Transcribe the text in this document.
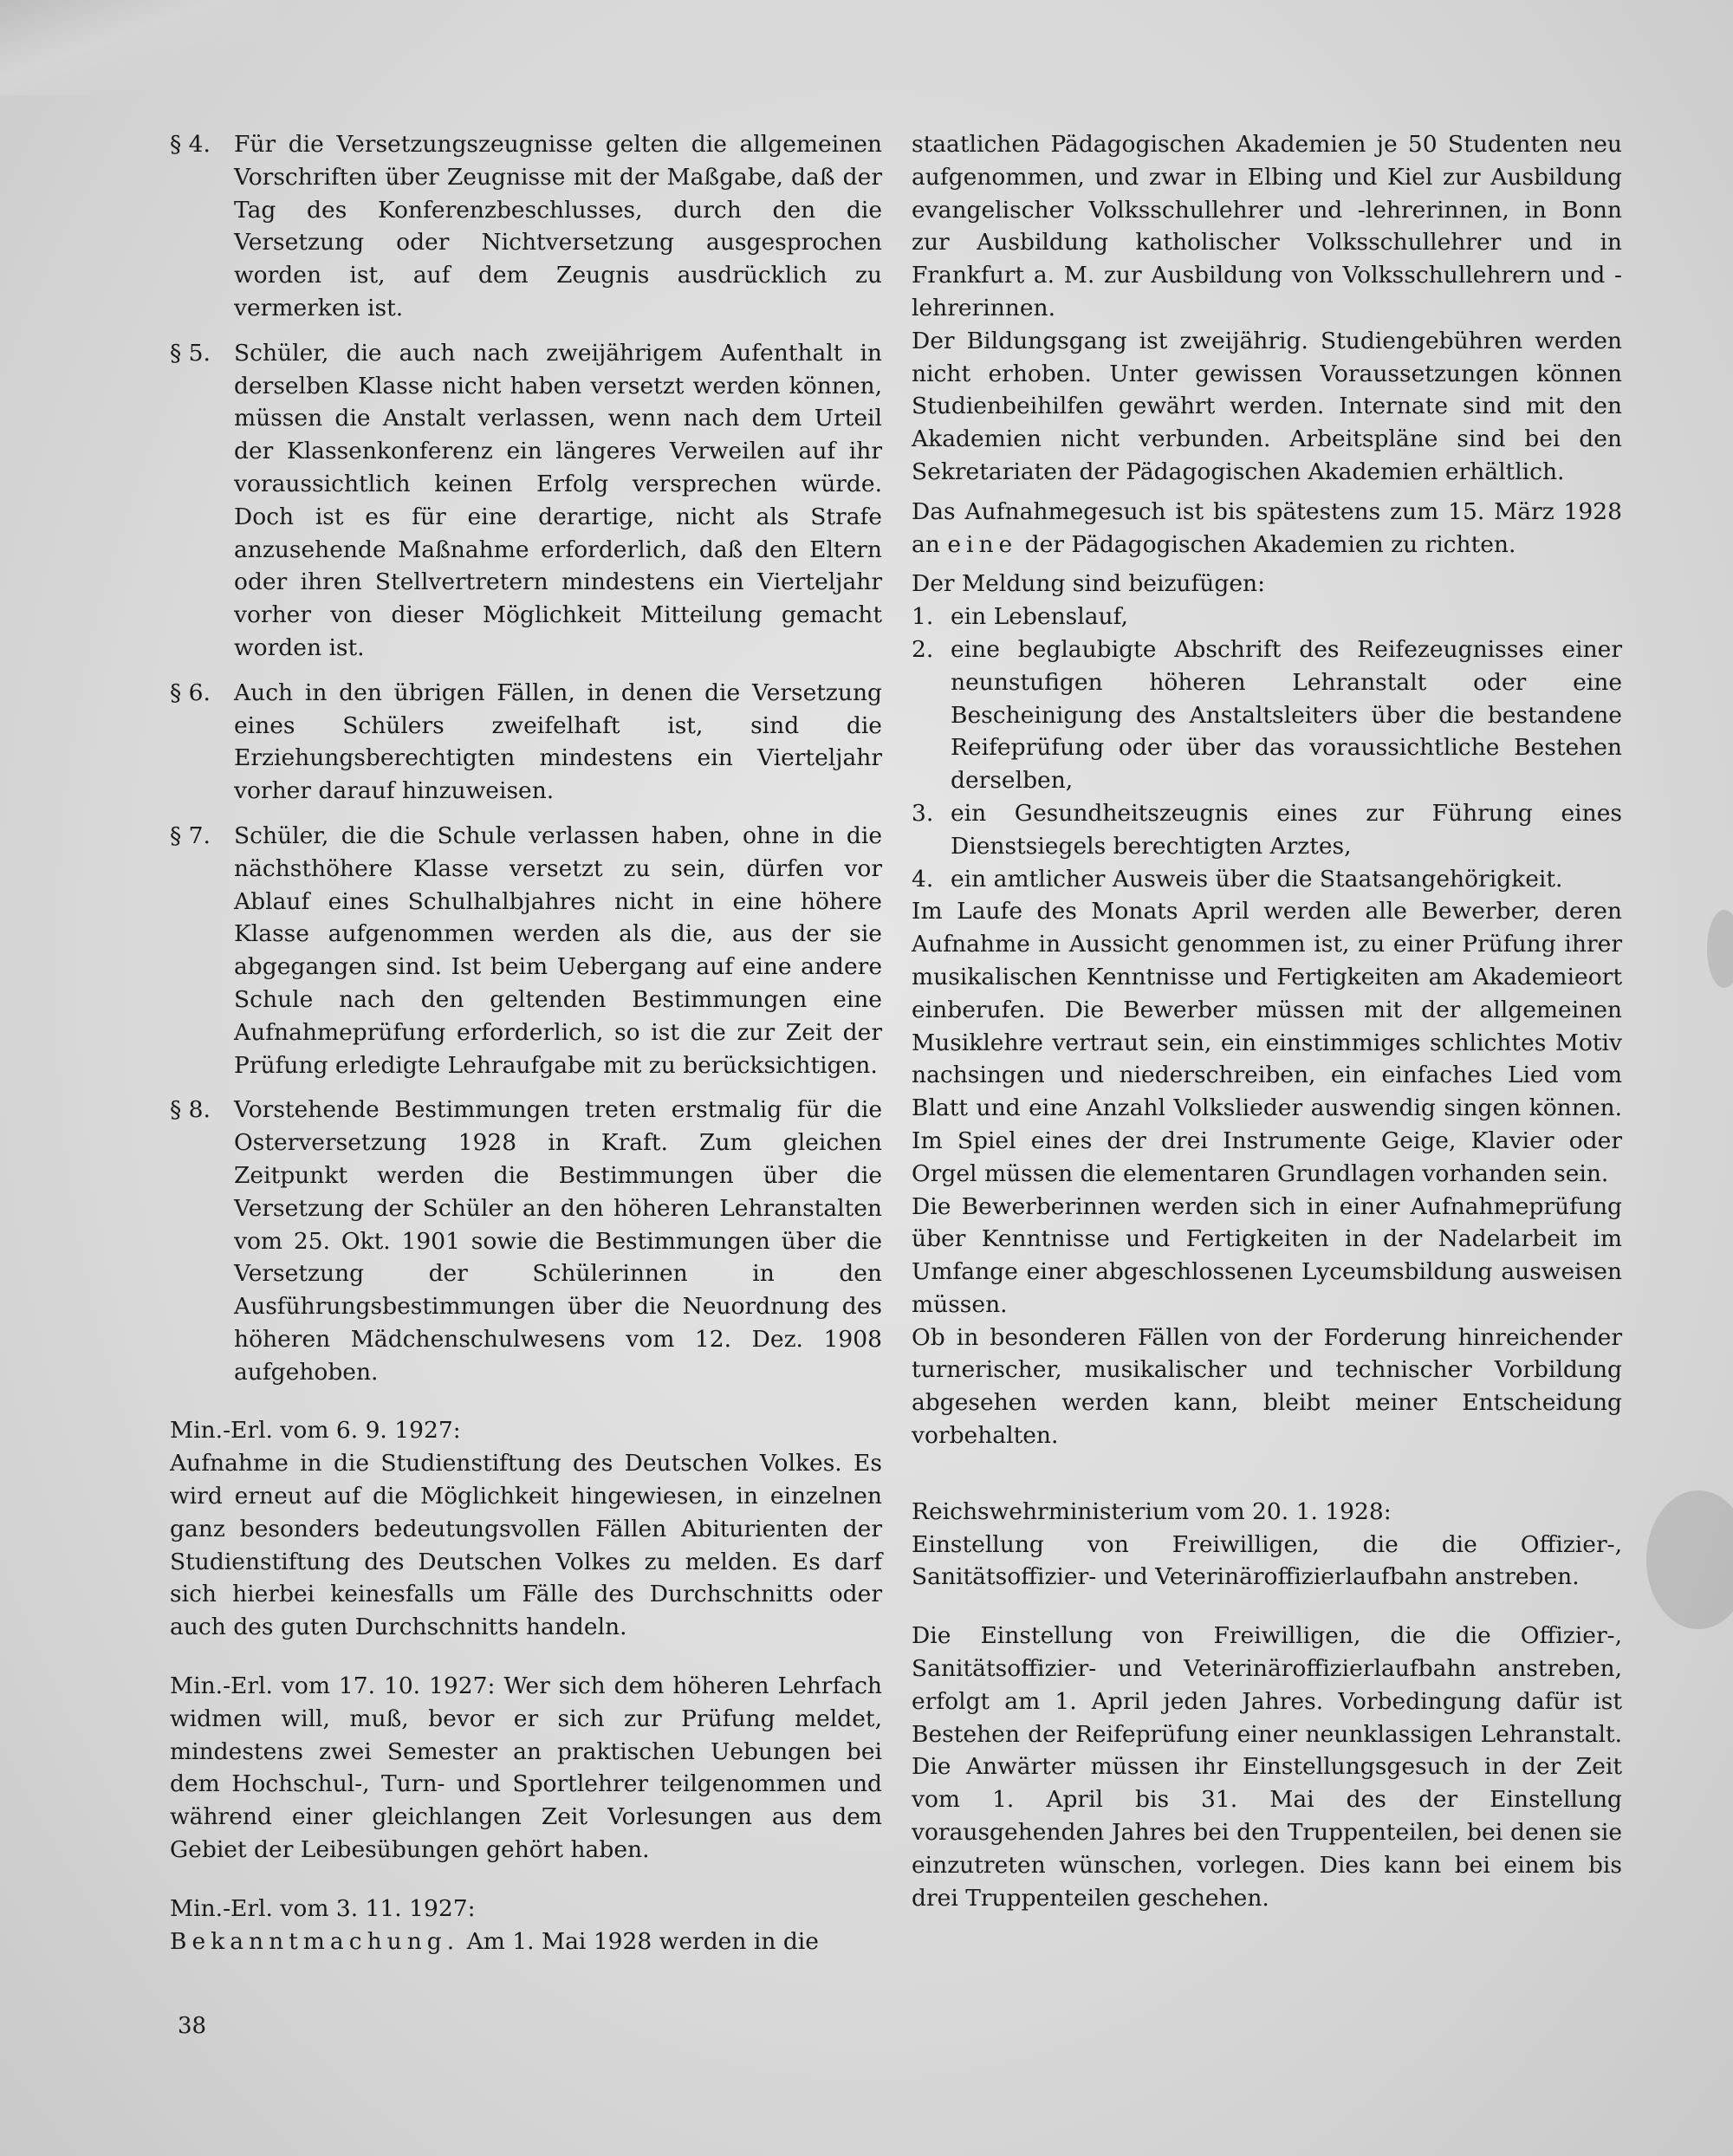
§ 4. Für die Versetzungszeugnisse gelten die allgemeinen Vorschriften über Zeugnisse mit der Maßgabe, daß der Tag des Konferenzbeschlusses, durch den die Versetzung oder Nichtversetzung ausgesprochen worden ist, auf dem Zeugnis ausdrücklich zu vermerken ist.
§ 5. Schüler, die auch nach zweijährigem Aufenthalt in derselben Klasse nicht haben versetzt werden können, müssen die Anstalt verlassen, wenn nach dem Urteil der Klassenkonferenz ein längeres Verweilen auf ihr voraussichtlich keinen Erfolg versprechen würde. Doch ist es für eine derartige, nicht als Strafe anzusehende Maßnahme erforderlich, daß den Eltern oder ihren Stellvertretern mindestens ein Vierteljahr vorher von dieser Möglichkeit Mitteilung gemacht worden ist.
§ 6. Auch in den übrigen Fällen, in denen die Versetzung eines Schülers zweifelhaft ist, sind die Erziehungsberechtigten mindestens ein Vierteljahr vorher darauf hinzuweisen.
§ 7. Schüler, die die Schule verlassen haben, ohne in die nächsthöhere Klasse versetzt zu sein, dürfen vor Ablauf eines Schulhalbjahres nicht in eine höhere Klasse aufgenommen werden als die, aus der sie abgegangen sind. Ist beim Uebergang auf eine andere Schule nach den geltenden Bestimmungen eine Aufnahmeprüfung erforderlich, so ist die zur Zeit der Prüfung erledigte Lehraufgabe mit zu berücksichtigen.
§ 8. Vorstehende Bestimmungen treten erstmalig für die Osterversetzung 1928 in Kraft. Zum gleichen Zeitpunkt werden die Bestimmungen über die Versetzung der Schüler an den höheren Lehranstalten vom 25. Okt. 1901 sowie die Bestimmungen über die Versetzung der Schülerinnen in den Ausführungsbestimmungen über die Neuordnung des höheren Mädchenschulwesens vom 12. Dez. 1908 aufgehoben.
Min.-Erl. vom 6. 9. 1927:
Aufnahme in die Studienstiftung des Deutschen Volkes. Es wird erneut auf die Möglichkeit hingewiesen, in einzelnen ganz besonders bedeutungsvollen Fällen Abiturienten der Studienstiftung des Deutschen Volkes zu melden. Es darf sich hierbei keinesfalls um Fälle des Durchschnitts oder auch des guten Durchschnitts handeln.
Min.-Erl. vom 17. 10. 1927: Wer sich dem höheren Lehrfach widmen will, muß, bevor er sich zur Prüfung meldet, mindestens zwei Semester an praktischen Uebungen bei dem Hochschul-, Turn- und Sportlehrer teilgenommen und während einer gleichlangen Zeit Vorlesungen aus dem Gebiet der Leibesübungen gehört haben.
Min.-Erl. vom 3. 11. 1927:
Bekanntmachung. Am 1. Mai 1928 werden in die
staatlichen Pädagogischen Akademien je 50 Studenten neu aufgenommen, und zwar in Elbing und Kiel zur Ausbildung evangelischer Volksschullehrer und -lehrerinnen, in Bonn zur Ausbildung katholischer Volksschullehrer und in Frankfurt a. M. zur Ausbildung von Volksschullehrern und -lehrerinnen.
Der Bildungsgang ist zweijährig. Studiengebühren werden nicht erhoben. Unter gewissen Voraussetzungen können Studienbeihilfen gewährt werden. Internate sind mit den Akademien nicht verbunden. Arbeitspläne sind bei den Sekretariaten der Pädagogischen Akademien erhältlich.
Das Aufnahmegesuch ist bis spätestens zum 15. März 1928 an eine der Pädagogischen Akademien zu richten.
Der Meldung sind beizufügen:
1. ein Lebenslauf,
2. eine beglaubigte Abschrift des Reifezeugnisses einer neunstufigen höheren Lehranstalt oder eine Bescheinigung des Anstaltsleiters über die bestandene Reifeprüfung oder über das voraussichtliche Bestehen derselben,
3. ein Gesundheitszeugnis eines zur Führung eines Dienstsiegels berechtigten Arztes,
4. ein amtlicher Ausweis über die Staatsangehörigkeit.
Im Laufe des Monats April werden alle Bewerber, deren Aufnahme in Aussicht genommen ist, zu einer Prüfung ihrer musikalischen Kenntnisse und Fertigkeiten am Akademieort einberufen. Die Bewerber müssen mit der allgemeinen Musiklehre vertraut sein, ein einstimmiges schlichtes Motiv nachsingen und niederschreiben, ein einfaches Lied vom Blatt und eine Anzahl Volkslieder auswendig singen können. Im Spiel eines der drei Instrumente Geige, Klavier oder Orgel müssen die elementaren Grundlagen vorhanden sein.
Die Bewerberinnen werden sich in einer Aufnahmeprüfung über Kenntnisse und Fertigkeiten in der Nadelarbeit im Umfange einer abgeschlossenen Lyceumsbildung ausweisen müssen.
Ob in besonderen Fällen von der Forderung hinreichender turnerischer, musikalischer und technischer Vorbildung abgesehen werden kann, bleibt meiner Entscheidung vorbehalten.
Reichswehrministerium vom 20. 1. 1928:
Einstellung von Freiwilligen, die die Offizier-, Sanitätsoffizier- und Veterinäroffizierlaufbahn anstreben.
Die Einstellung von Freiwilligen, die die Offizier-, Sanitätsoffizier- und Veterinäroffizierlaufbahn anstreben, erfolgt am 1. April jeden Jahres. Vorbedingung dafür ist Bestehen der Reifeprüfung einer neunklassigen Lehranstalt. Die Anwärter müssen ihr Einstellungsgesuch in der Zeit vom 1. April bis 31. Mai des der Einstellung vorausgehenden Jahres bei den Truppenteilen, bei denen sie einzutreten wünschen, vorlegen. Dies kann bei einem bis drei Truppenteilen geschehen.
38
